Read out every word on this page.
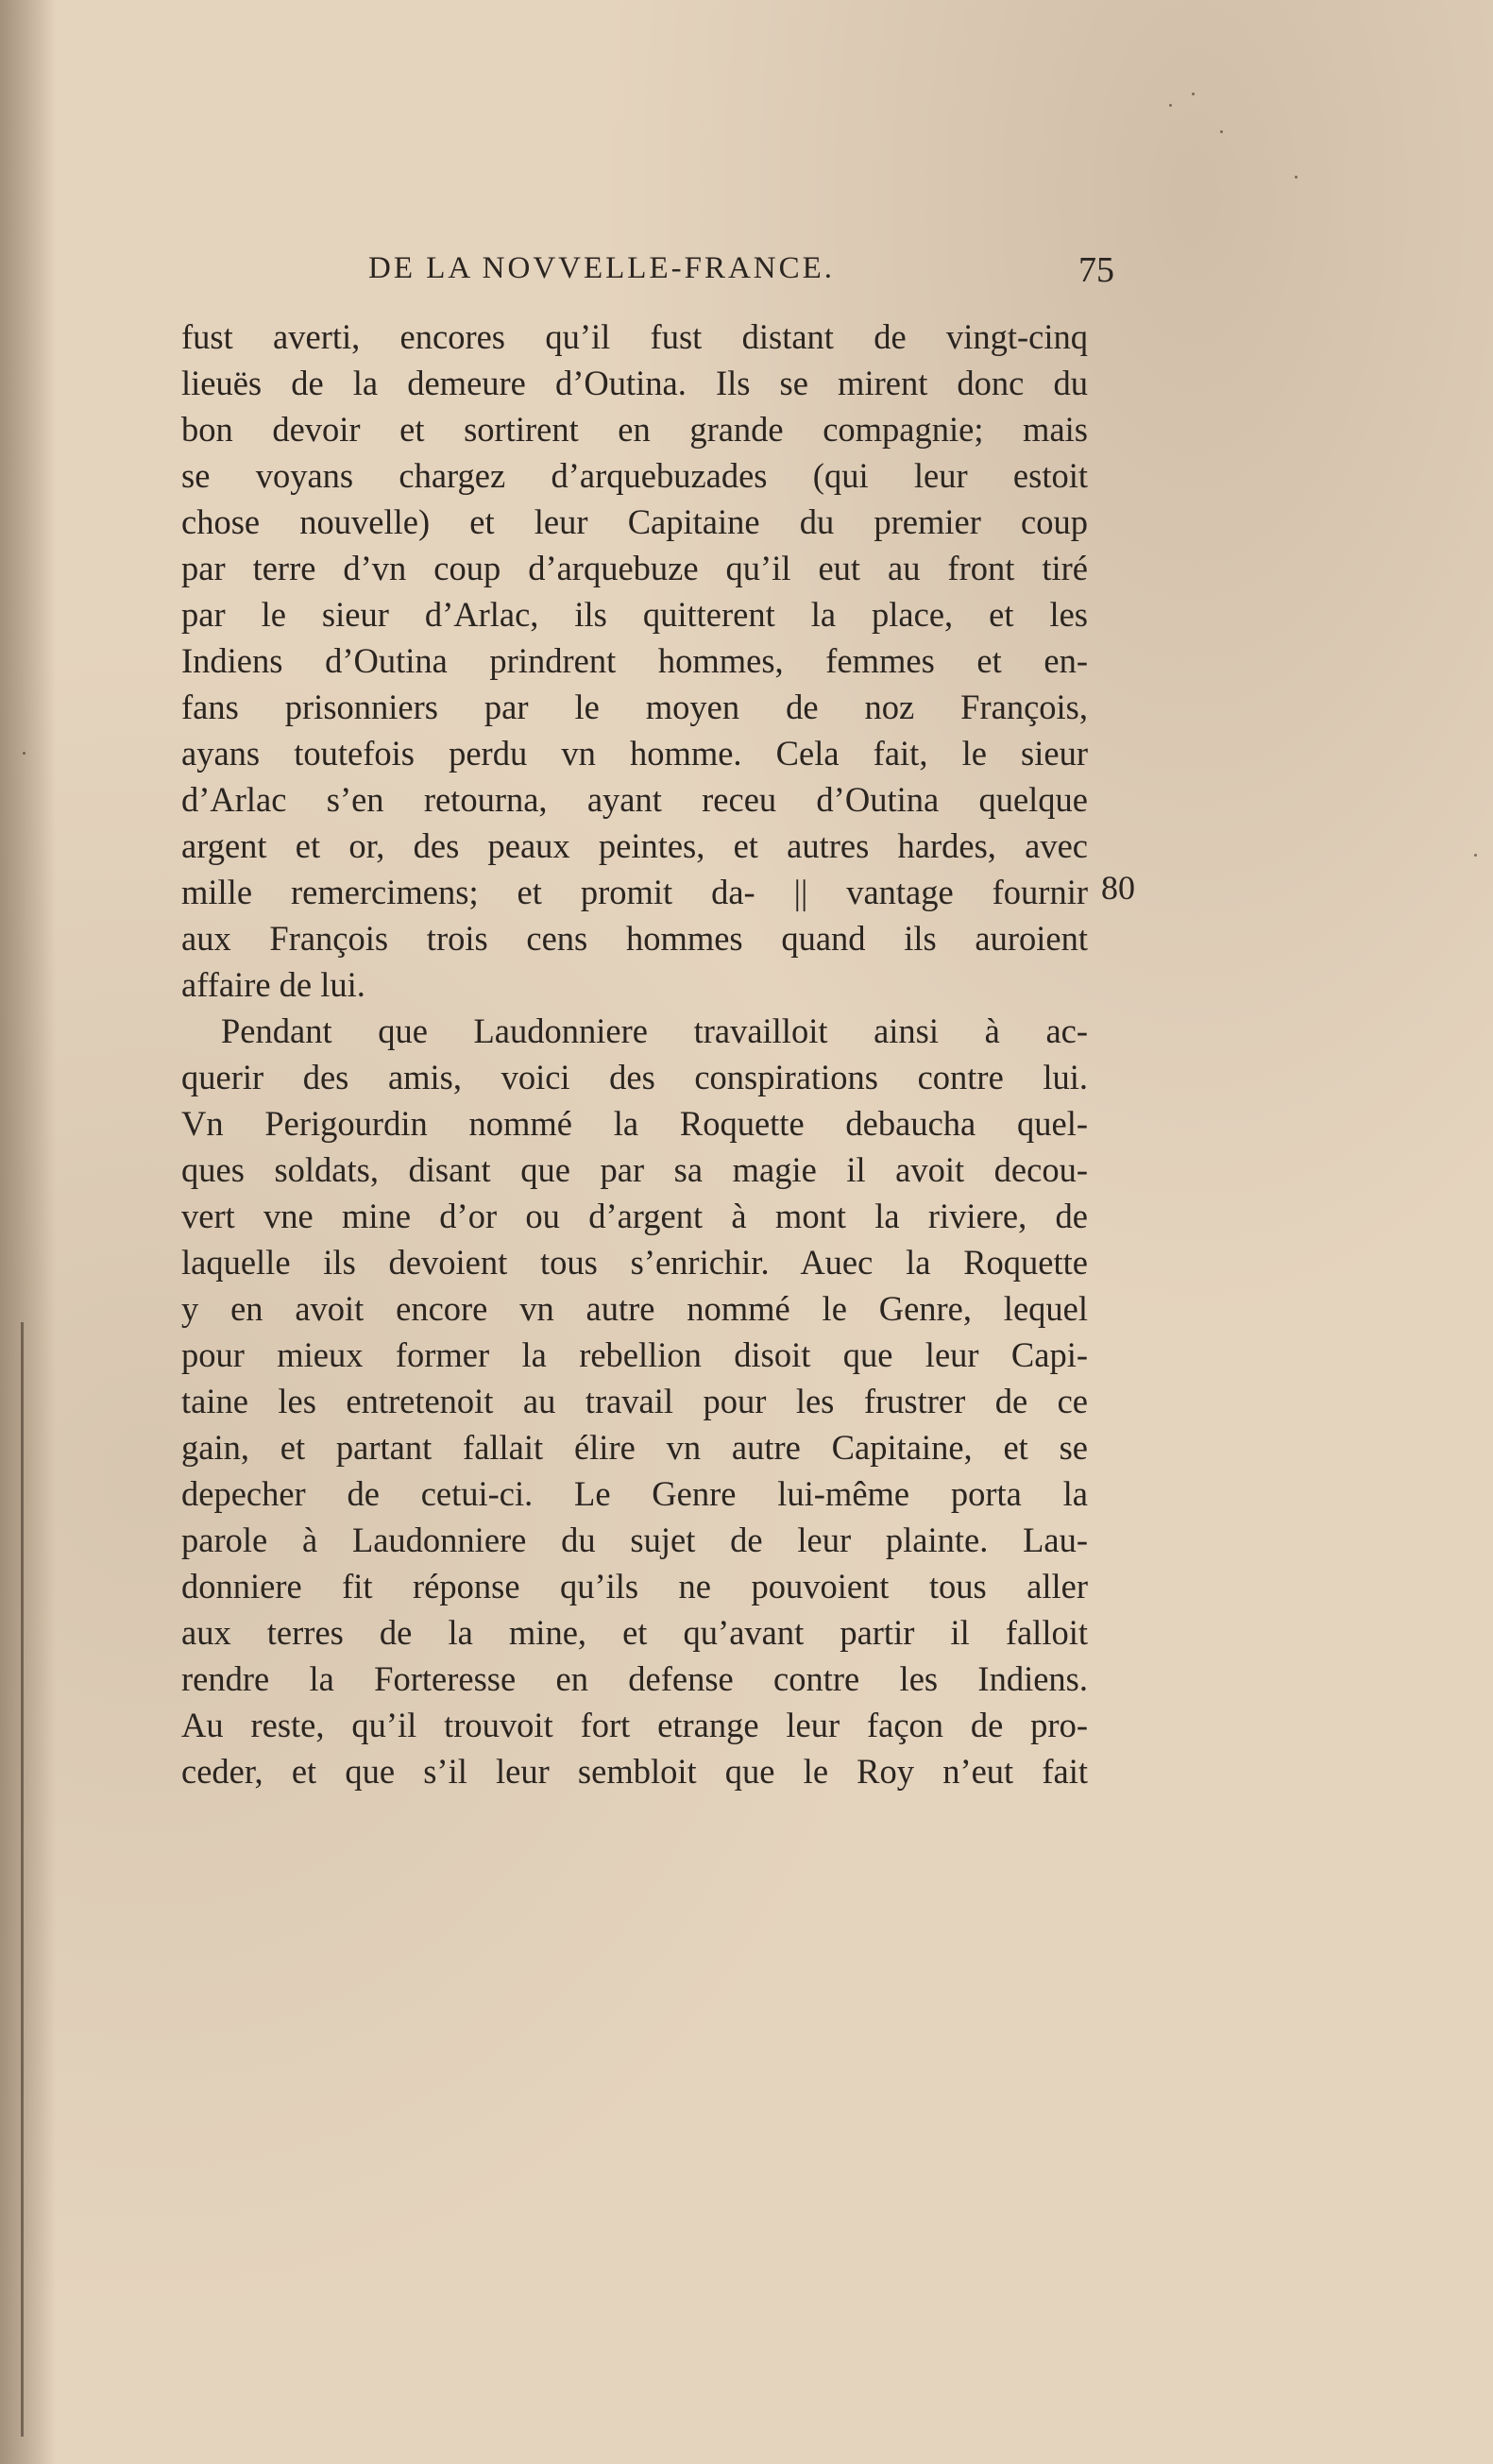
DE LA NOVVELLE-FRANCE.	75
fust averti, encores qu’il fust distant de vingt-cinq
lieuës de la demeure d’Outina. Ils se mirent donc du
bon devoir et sortirent en grande compagnie; mais
se voyans chargez d’arquebuzades (qui leur estoit
chose nouvelle) et leur Capitaine du premier coup
par terre d’vn coup d’arquebuze qu’il eut au front tiré
par le sieur d’Arlac, ils quitterent la place, et les
Indiens d’Outina prindrent hommes, femmes et en-
fans prisonniers par le moyen de noz François,
ayans toutefois perdu vn homme. Cela fait, le sieur
d’Arlac s’en retourna, ayant receu d’Outina quelque
argent et or, des peaux peintes, et autres hardes, avec
mille remercimens; et promit da- || vantage fournir
aux François trois cens hommes quand ils auroient
affaire de lui.
Pendant que Laudonniere travailloit ainsi à ac-
querir des amis, voici des conspirations contre lui.
Vn Perigourdin nommé la Roquette debaucha quel-
ques soldats, disant que par sa magie il avoit decou-
vert vne mine d’or ou d’argent à mont la riviere, de
laquelle ils devoient tous s’enrichir. Auec la Roquette
y en avoit encore vn autre nommé le Genre, lequel
pour mieux former la rebellion disoit que leur Capi-
taine les entretenoit au travail pour les frustrer de ce
gain, et partant fallait élire vn autre Capitaine, et se
depecher de cetui-ci. Le Genre lui-même porta la
parole à Laudonniere du sujet de leur plainte. Lau-
donniere fit réponse qu’ils ne pouvoient tous aller
aux terres de la mine, et qu’avant partir il falloit
rendre la Forteresse en defense contre les Indiens.
Au reste, qu’il trouvoit fort etrange leur façon de pro-
ceder, et que s’il leur sembloit que le Roy n’eut fait
80
